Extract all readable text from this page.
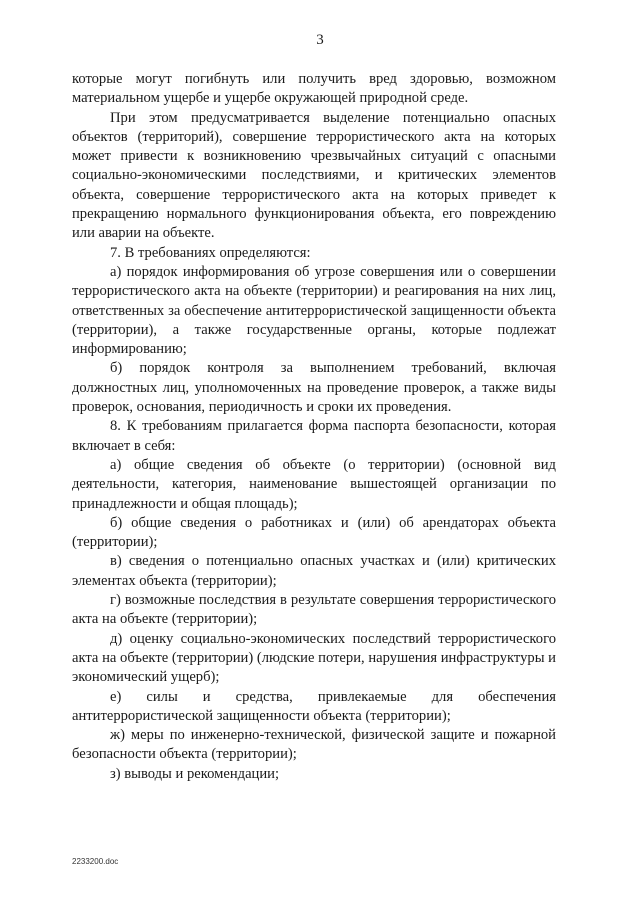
3

которые могут погибнуть или получить вред здоровью, возможном материальном ущербе и ущербе окружающей природной среде.

При этом предусматривается выделение потенциально опасных объектов (территорий), совершение террористического акта на которых может привести к возникновению чрезвычайных ситуаций с опасными социально-экономическими последствиями, и критических элементов объекта, совершение террористического акта на которых приведет к прекращению нормального функционирования объекта, его повреждению или аварии на объекте.

7. В требованиях определяются:

а) порядок информирования об угрозе совершения или о совершении террористического акта на объекте (территории) и реагирования на них лиц, ответственных за обеспечение антитеррористической защищенности объекта (территории), а также государственные органы, которые подлежат информированию;

б) порядок контроля за выполнением требований, включая должностных лиц, уполномоченных на проведение проверок, а также виды проверок, основания, периодичность и сроки их проведения.

8. К требованиям прилагается форма паспорта безопасности, которая включает в себя:

а) общие сведения об объекте (о территории) (основной вид деятельности, категория, наименование вышестоящей организации по принадлежности и общая площадь);

б) общие сведения о работниках и (или) об арендаторах объекта (территории);

в) сведения о потенциально опасных участках и (или) критических элементах объекта (территории);

г) возможные последствия в результате совершения террористического акта на объекте (территории);

д) оценку социально-экономических последствий террористического акта на объекте (территории) (людские потери, нарушения инфраструктуры и экономический ущерб);

е) силы и средства, привлекаемые для обеспечения антитеррористической защищенности объекта (территории);

ж) меры по инженерно-технической, физической защите и пожарной безопасности объекта (территории);

з) выводы и рекомендации;

2233200.doc
